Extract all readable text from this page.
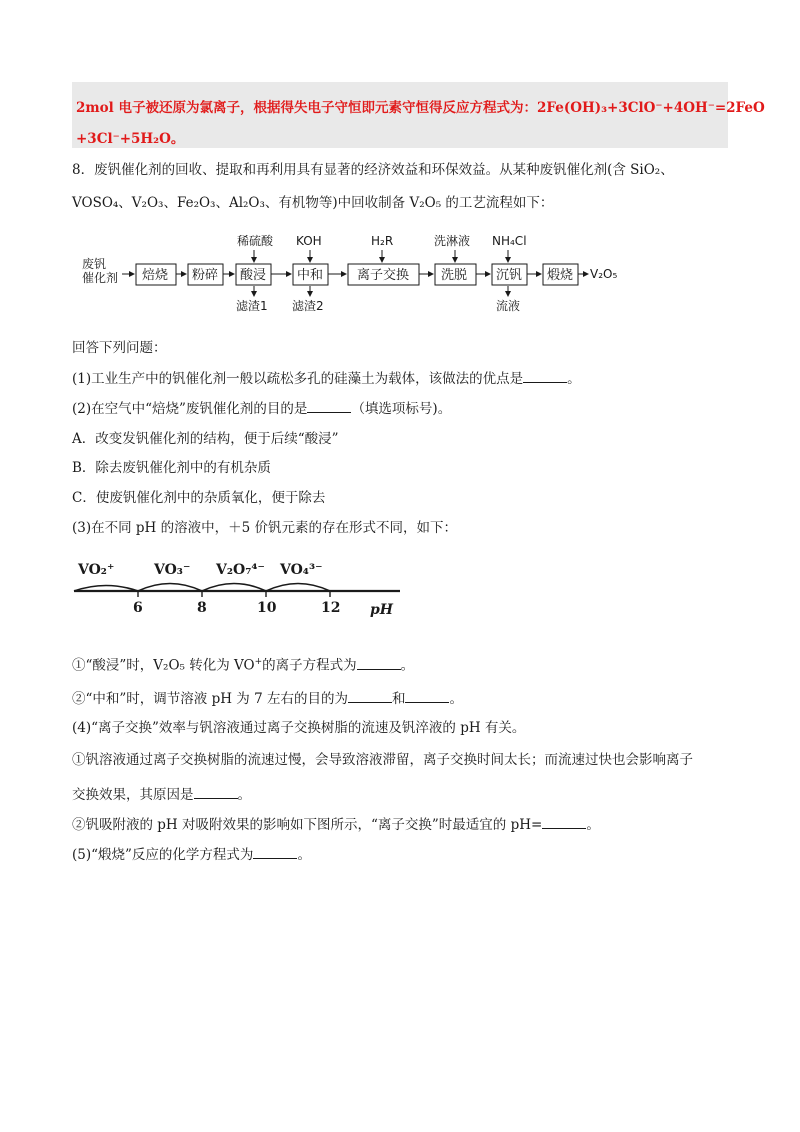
2mol 电子被还原为氯离子，根据得失电子守恒即元素守恒得反应方程式为：2Fe(OH)₃+3ClO⁻+4OH⁻=2FeO
+3Cl⁻+5H₂O。
8．废钒催化剂的回收、提取和再利用具有显著的经济效益和环保效益。从某种废钒催化剂(含 SiO₂、
VOSO₄、V₂O₃、Fe₂O₃、Al₂O₃、有机物等)中回收制备 V₂O₅ 的工艺流程如下：
废钒
催化剂 焙烧 粉碎 酸浸 中和	离子交换 洗脱 沉钒 煅烧
稀硫酸 KOH	H₂R	洗淋液 NH₄Cl
滤渣1 滤渣2	流液
V₂O₅
回答下列问题：
(1)工业生产中的钒催化剂一般以疏松多孔的硅藻土为载体，该做法的优点是	。
(2)在空气中“焙烧”废钒催化剂的目的是	（填选项标号)。
A．改变发钒催化剂的结构，便于后续“酸浸”
B．除去废钒催化剂中的有机杂质
C．使废钒催化剂中的杂质氧化，便于除去
(3)在不同 pH 的溶液中，＋5 价钒元素的存在形式不同，如下：
VO₂⁺	VO₃⁻ V₂O₇⁴⁻ VO₄³⁻
6	8	10	12 pH
①“酸浸”时，V₂O₅ 转化为 VO+的离子方程式为	。
②“中和”时，调节溶液 pH 为 7 左右的目的为	和	。
(4)“离子交换”效率与钒溶液通过离子交换树脂的流速及钒淬液的 pH 有关。
①钒溶液通过离子交换树脂的流速过慢，会导致溶液滞留，离子交换时间太长；而流速过快也会影响离子
交换效果，其原因是	。
②钒吸附液的 pH 对吸附效果的影响如下图所示，“离子交换”时最适宜的 pH=	。
(5)“煅烧”反应的化学方程式为	。
